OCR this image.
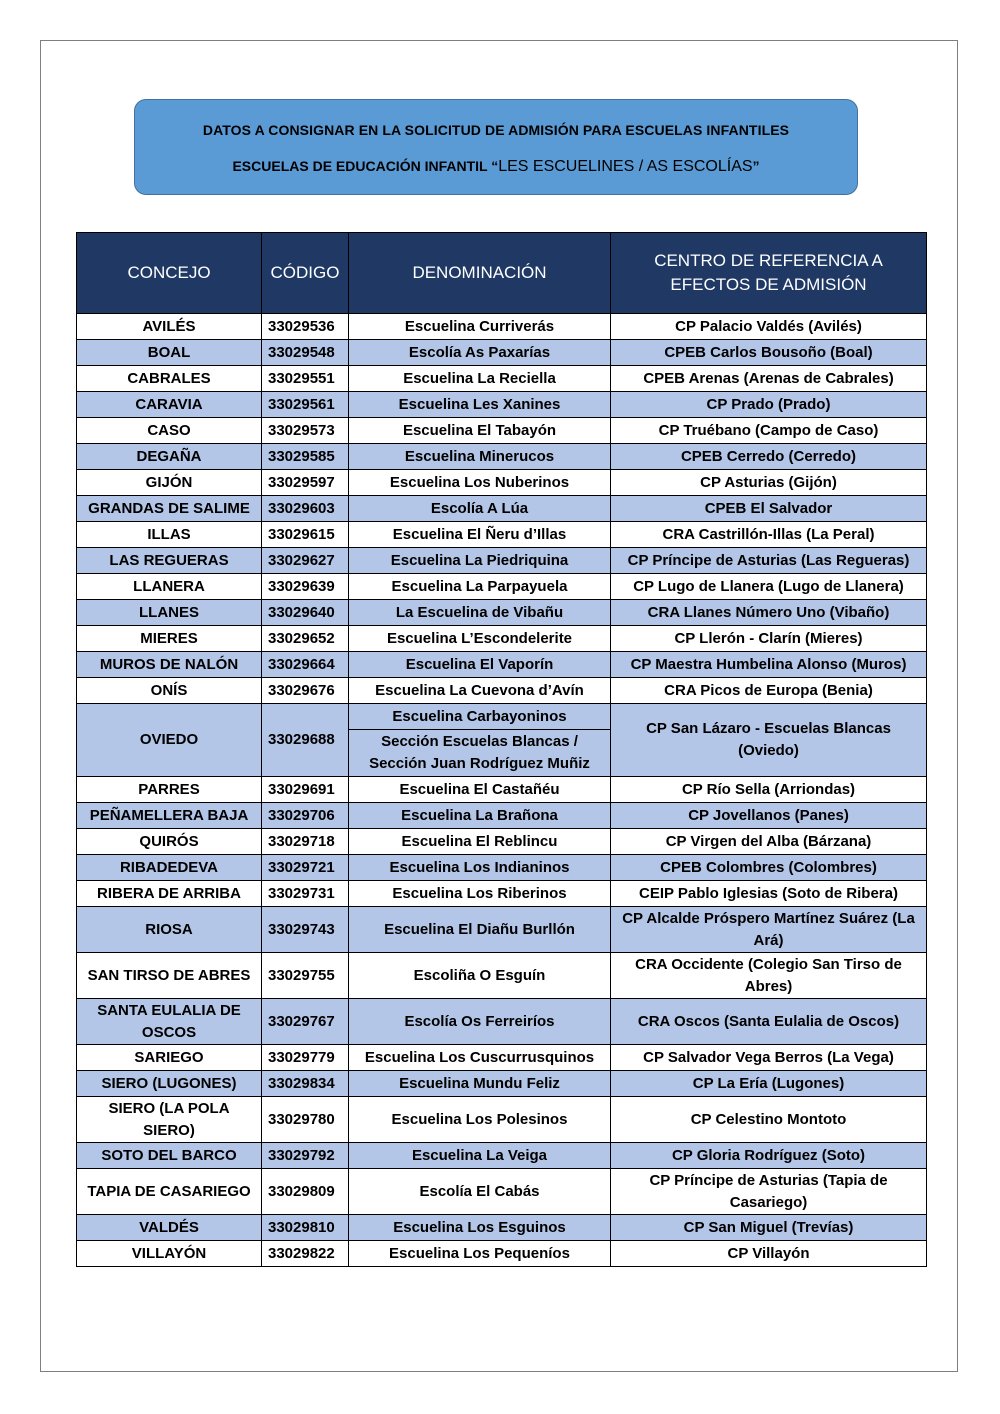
DATOS A CONSIGNAR EN LA SOLICITUD DE ADMISIÓN PARA ESCUELAS INFANTILES
ESCUELAS DE EDUCACIÓN INFANTIL “LES ESCUELINES / AS ESCOLÍAS”
CONCEJO	CÓDIGO	DENOMINACIÓN	CENTRO DE REFERENCIA A EFECTOS DE ADMISIÓN
AVILÉS	33029536	Escuelina Curriverás	CP Palacio Valdés (Avilés)
BOAL	33029548	Escolía As Paxarías	CPEB Carlos Bousoño (Boal)
CABRALES	33029551	Escuelina La Reciella	CPEB Arenas (Arenas de Cabrales)
CARAVIA	33029561	Escuelina Les Xanines	CP Prado (Prado)
CASO	33029573	Escuelina El Tabayón	CP Truébano (Campo de Caso)
DEGAÑA	33029585	Escuelina Minerucos	CPEB Cerredo (Cerredo)
GIJÓN	33029597	Escuelina Los Nuberinos	CP Asturias (Gijón)
GRANDAS DE SALIME	33029603	Escolía A Lúa	CPEB El Salvador
ILLAS	33029615	Escuelina El Ñeru d’Illas	CRA Castrillón-Illas (La Peral)
LAS REGUERAS	33029627	Escuelina La Piedriquina	CP Príncipe de Asturias (Las Regueras)
LLANERA	33029639	Escuelina La Parpayuela	CP Lugo de Llanera (Lugo de Llanera)
LLANES	33029640	La Escuelina de Vibañu	CRA Llanes Número Uno (Vibaño)
MIERES	33029652	Escuelina L’Escondelerite	CP Llerón - Clarín (Mieres)
MUROS DE NALÓN	33029664	Escuelina El Vaporín	CP Maestra Humbelina Alonso (Muros)
ONÍS	33029676	Escuelina La Cuevona d’Avín	CRA Picos de Europa (Benia)
OVIEDO	33029688	Escuelina Carbayoninos	CP San Lázaro - Escuelas Blancas (Oviedo)
		Sección Escuelas Blancas / Sección Juan Rodríguez Muñiz	
PARRES	33029691	Escuelina El Castañéu	CP Río Sella (Arriondas)
PEÑAMELLERA BAJA	33029706	Escuelina La Brañona	CP Jovellanos (Panes)
QUIRÓS	33029718	Escuelina El Reblincu	CP Virgen del Alba (Bárzana)
RIBADEDEVA	33029721	Escuelina Los Indianinos	CPEB Colombres (Colombres)
RIBERA DE ARRIBA	33029731	Escuelina Los Riberinos	CEIP Pablo Iglesias (Soto de Ribera)
RIOSA	33029743	Escuelina El Diañu Burllón	CP Alcalde Próspero Martínez Suárez (La Ará)
SAN TIRSO DE ABRES	33029755	Escoliña O Esguín	CRA Occidente (Colegio San Tirso de Abres)
SANTA EULALIA DE OSCOS	33029767	Escolía Os Ferreiríos	CRA Oscos (Santa Eulalia de Oscos)
SARIEGO	33029779	Escuelina Los Cuscurrusquinos	CP Salvador Vega Berros (La Vega)
SIERO (LUGONES)	33029834	Escuelina Mundu Feliz	CP La Ería (Lugones)
SIERO (LA POLA SIERO)	33029780	Escuelina Los Polesinos	CP Celestino Montoto
SOTO DEL BARCO	33029792	Escuelina La Veiga	CP Gloria Rodríguez (Soto)
TAPIA DE CASARIEGO	33029809	Escolía El Cabás	CP Príncipe de Asturias (Tapia de Casariego)
VALDÉS	33029810	Escuelina Los Esguinos	CP San Miguel (Trevías)
VILLAYÓN	33029822	Escuelina Los Pequeníos	CP Villayón
